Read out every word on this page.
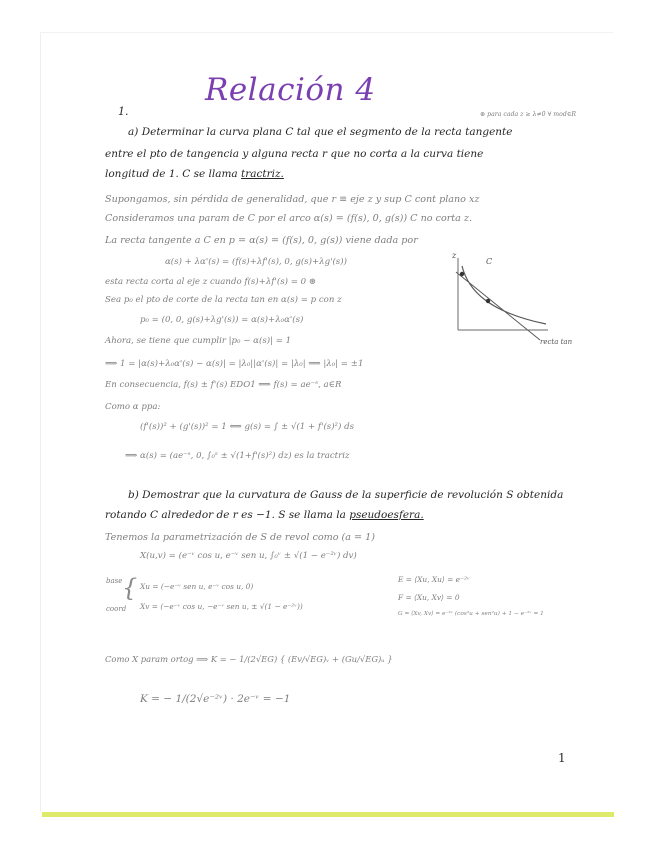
Relación 4
1.	⊛ para cada z ≥ λ≠0 ∀ mod∈R
a) Determinar la curva plana C tal que el segmento de la recta tangente
entre el pto de tangencia y alguna recta r que no corta a la curva tiene
longitud de 1. C se llama tractriz.
Supongamos, sin pérdida de generalidad, que r ≡ eje z y sup C cont plano xz
Consideramos una param de C por el arco α(s) = (f(s), 0, g(s)) C no corta z.
La recta tangente a C en p = α(s) = (f(s), 0, g(s)) viene dada por
α(s) + λα'(s) = (f(s)+λf'(s), 0, g(s)+λg'(s))
esta recta corta al eje z cuando f(s)+λf'(s) = 0 ⊛
Sea p₀ el pto de corte de la recta tan en α(s) = p con z
p₀ = (0, 0, g(s)+λg'(s)) = α(s)+λ₀α'(s)
Ahora, se tiene que cumplir |p₀ − α(s)| = 1
⟹ 1 = |α(s)+λ₀α'(s) − α(s)| = |λ₀||α'(s)| = |λ₀| ⟹ |λ₀| = ±1
En consecuencia, f(s) ± f'(s) EDO1 ⟹ f(s) = ae⁻ˢ, a∈R
Como α ppa:
(f'(s))² + (g'(s))² = 1 ⟺ g(s) = ∫ ± √(1 + f'(s)²) ds
⟹ α(s) = (ae⁻ˢ, 0, ∫₀ˢ ± √(1+f'(s)²) dz) es la tractriz
z
C
recta tan
b) Demostrar que la curvatura de Gauss de la superficie de revolución S obtenida
rotando C alrededor de r es −1. S se llama la pseudoesfera.
Tenemos la parametrización de S de revol como (a = 1)
X(u,v) = (e⁻ᵛ cos u, e⁻ᵛ sen u, ∫₀ᵛ ± √(1 − e⁻²ᵛ) dv)
base
coord
{ Xu = (−e⁻ᵛ sen u, e⁻ᵛ cos u, 0)
Xv = (−e⁻ᵛ cos u, −e⁻ᵛ sen u, ± √(1 − e⁻²ᵛ))
E = ⟨Xu, Xu⟩ = e⁻²ᵛ
F = ⟨Xu, Xv⟩ = 0
G = ⟨Xv, Xv⟩ = e⁻²ᵛ (cos²u + sen²u) + 1 − e⁻²ᵛ = 1
Como X param ortog ⟹ K = − 1/(2√EG) { (Ev/√EG)ᵥ + (Gu/√EG)ᵤ }
K = − 1/(2√e⁻²ᵛ) · 2e⁻ᵛ = −1
1
